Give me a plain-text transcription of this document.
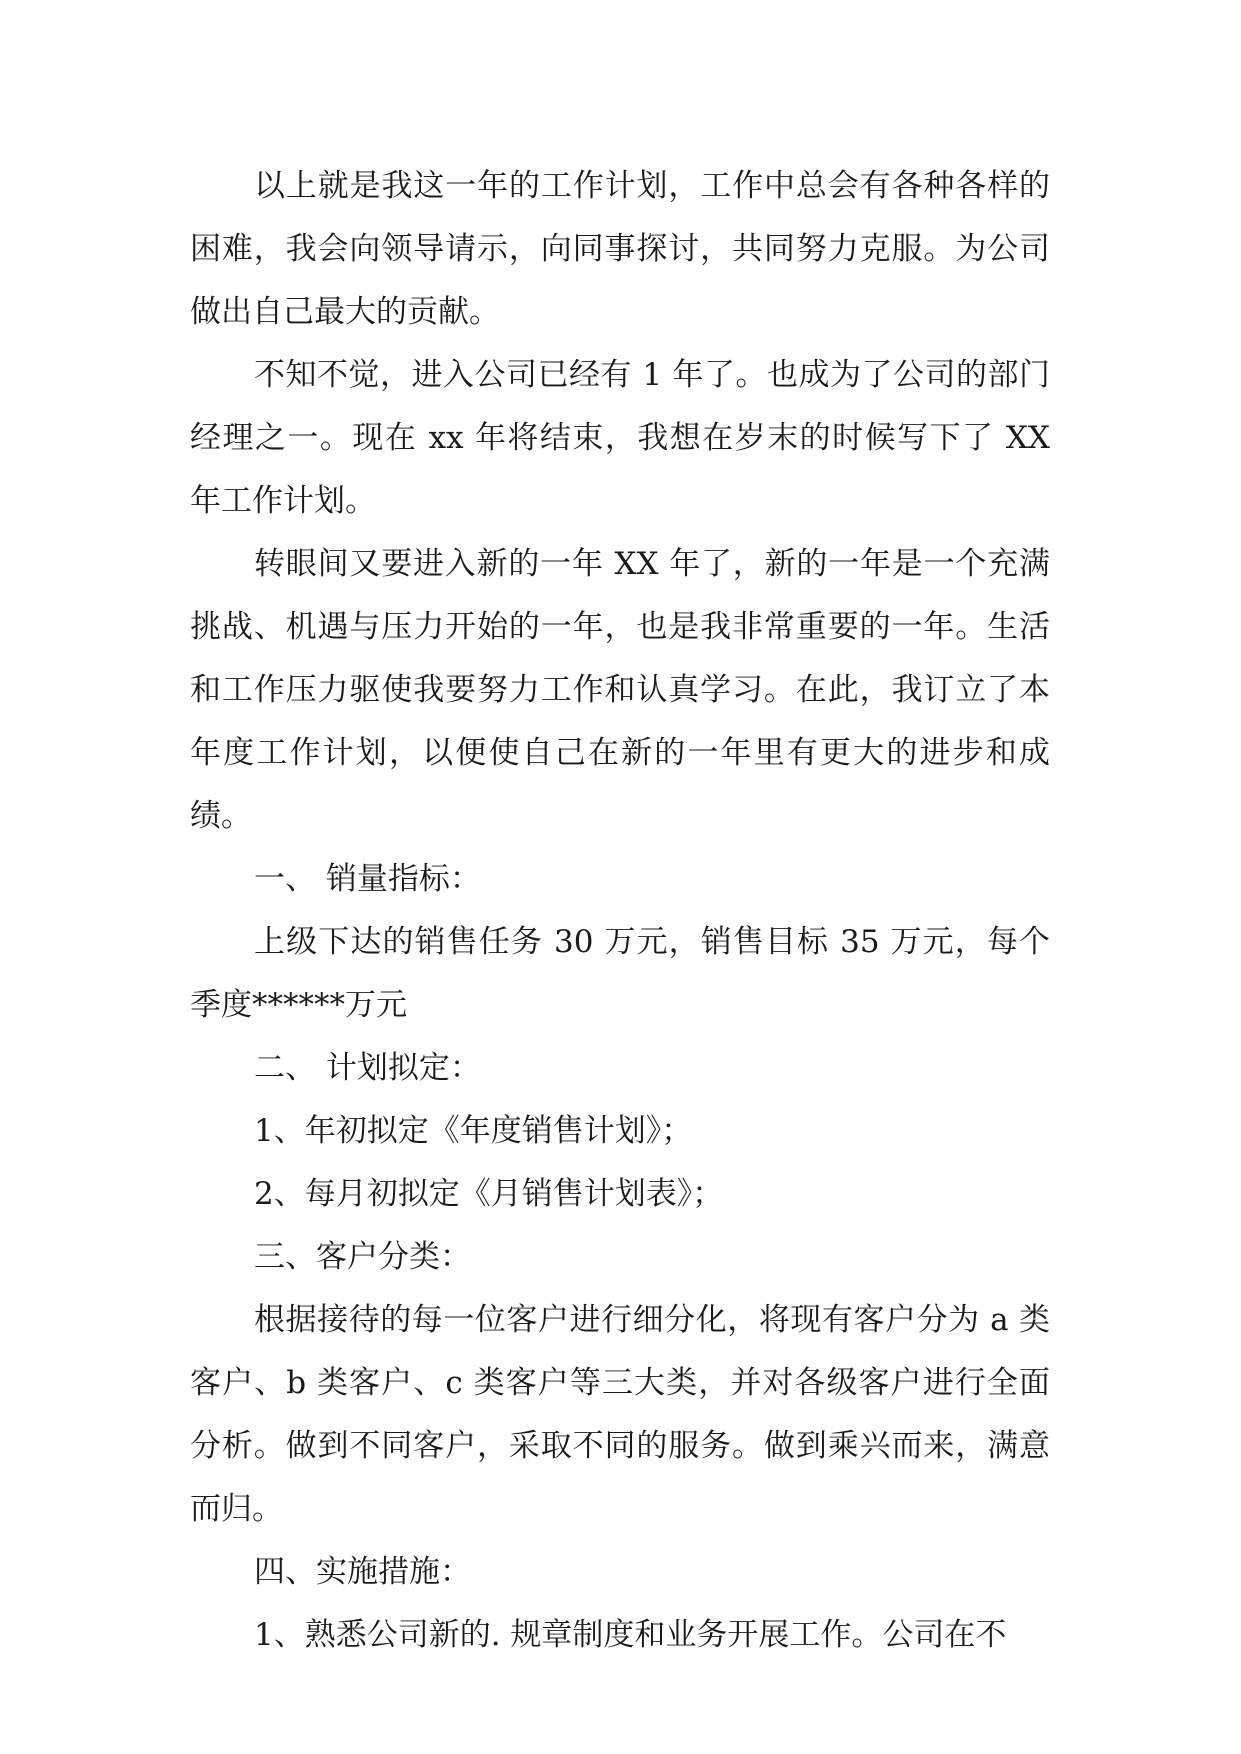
以上就是我这一年的工作计划，工作中总会有各种各样的困难，我会向领导请示，向同事探讨，共同努力克服。为公司做出自己最大的贡献。

不知不觉，进入公司已经有 1 年了。也成为了公司的部门经理之一。现在 xx 年将结束，我想在岁末的时候写下了 XX 年工作计划。

转眼间又要进入新的一年 XX 年了，新的一年是一个充满挑战、机遇与压力开始的一年，也是我非常重要的一年。生活和工作压力驱使我要努力工作和认真学习。在此，我订立了本年度工作计划，以便使自己在新的一年里有更大的进步和成绩。

一、 销量指标：

上级下达的销售任务 30 万元，销售目标 35 万元，每个季度******万元

二、 计划拟定：

1、年初拟定《年度销售计划》；

2、每月初拟定《月销售计划表》；

三、客户分类：

根据接待的每一位客户进行细分化，将现有客户分为 a 类客户、b 类客户、c 类客户等三大类，并对各级客户进行全面分析。做到不同客户，采取不同的服务。做到乘兴而来，满意而归。

四、实施措施：

1、熟悉公司新的. 规章制度和业务开展工作。公司在不
